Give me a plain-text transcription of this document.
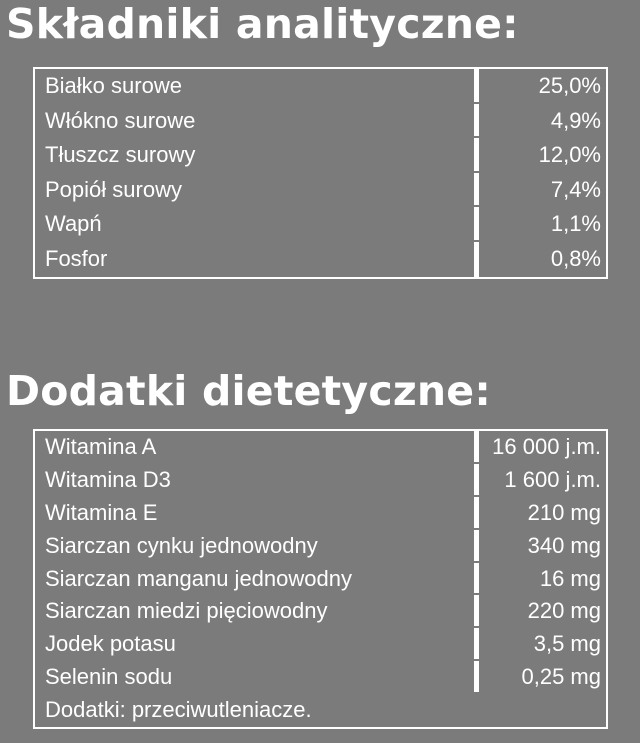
Składniki analityczne:
Białko surowe	25,0%
Włókno surowe	4,9%
Tłuszcz surowy	12,0%
Popiół surowy	7,4%
Wapń	1,1%
Fosfor	0,8%
Dodatki dietetyczne:
Witamina A	16 000 j.m.
Witamina D3	1 600 j.m.
Witamina E	210 mg
Siarczan cynku jednowodny	340 mg
Siarczan manganu jednowodny	16 mg
Siarczan miedzi pięciowodny	220 mg
Jodek potasu	3,5 mg
Selenin sodu	0,25 mg
Dodatki: przeciwutleniacze.
